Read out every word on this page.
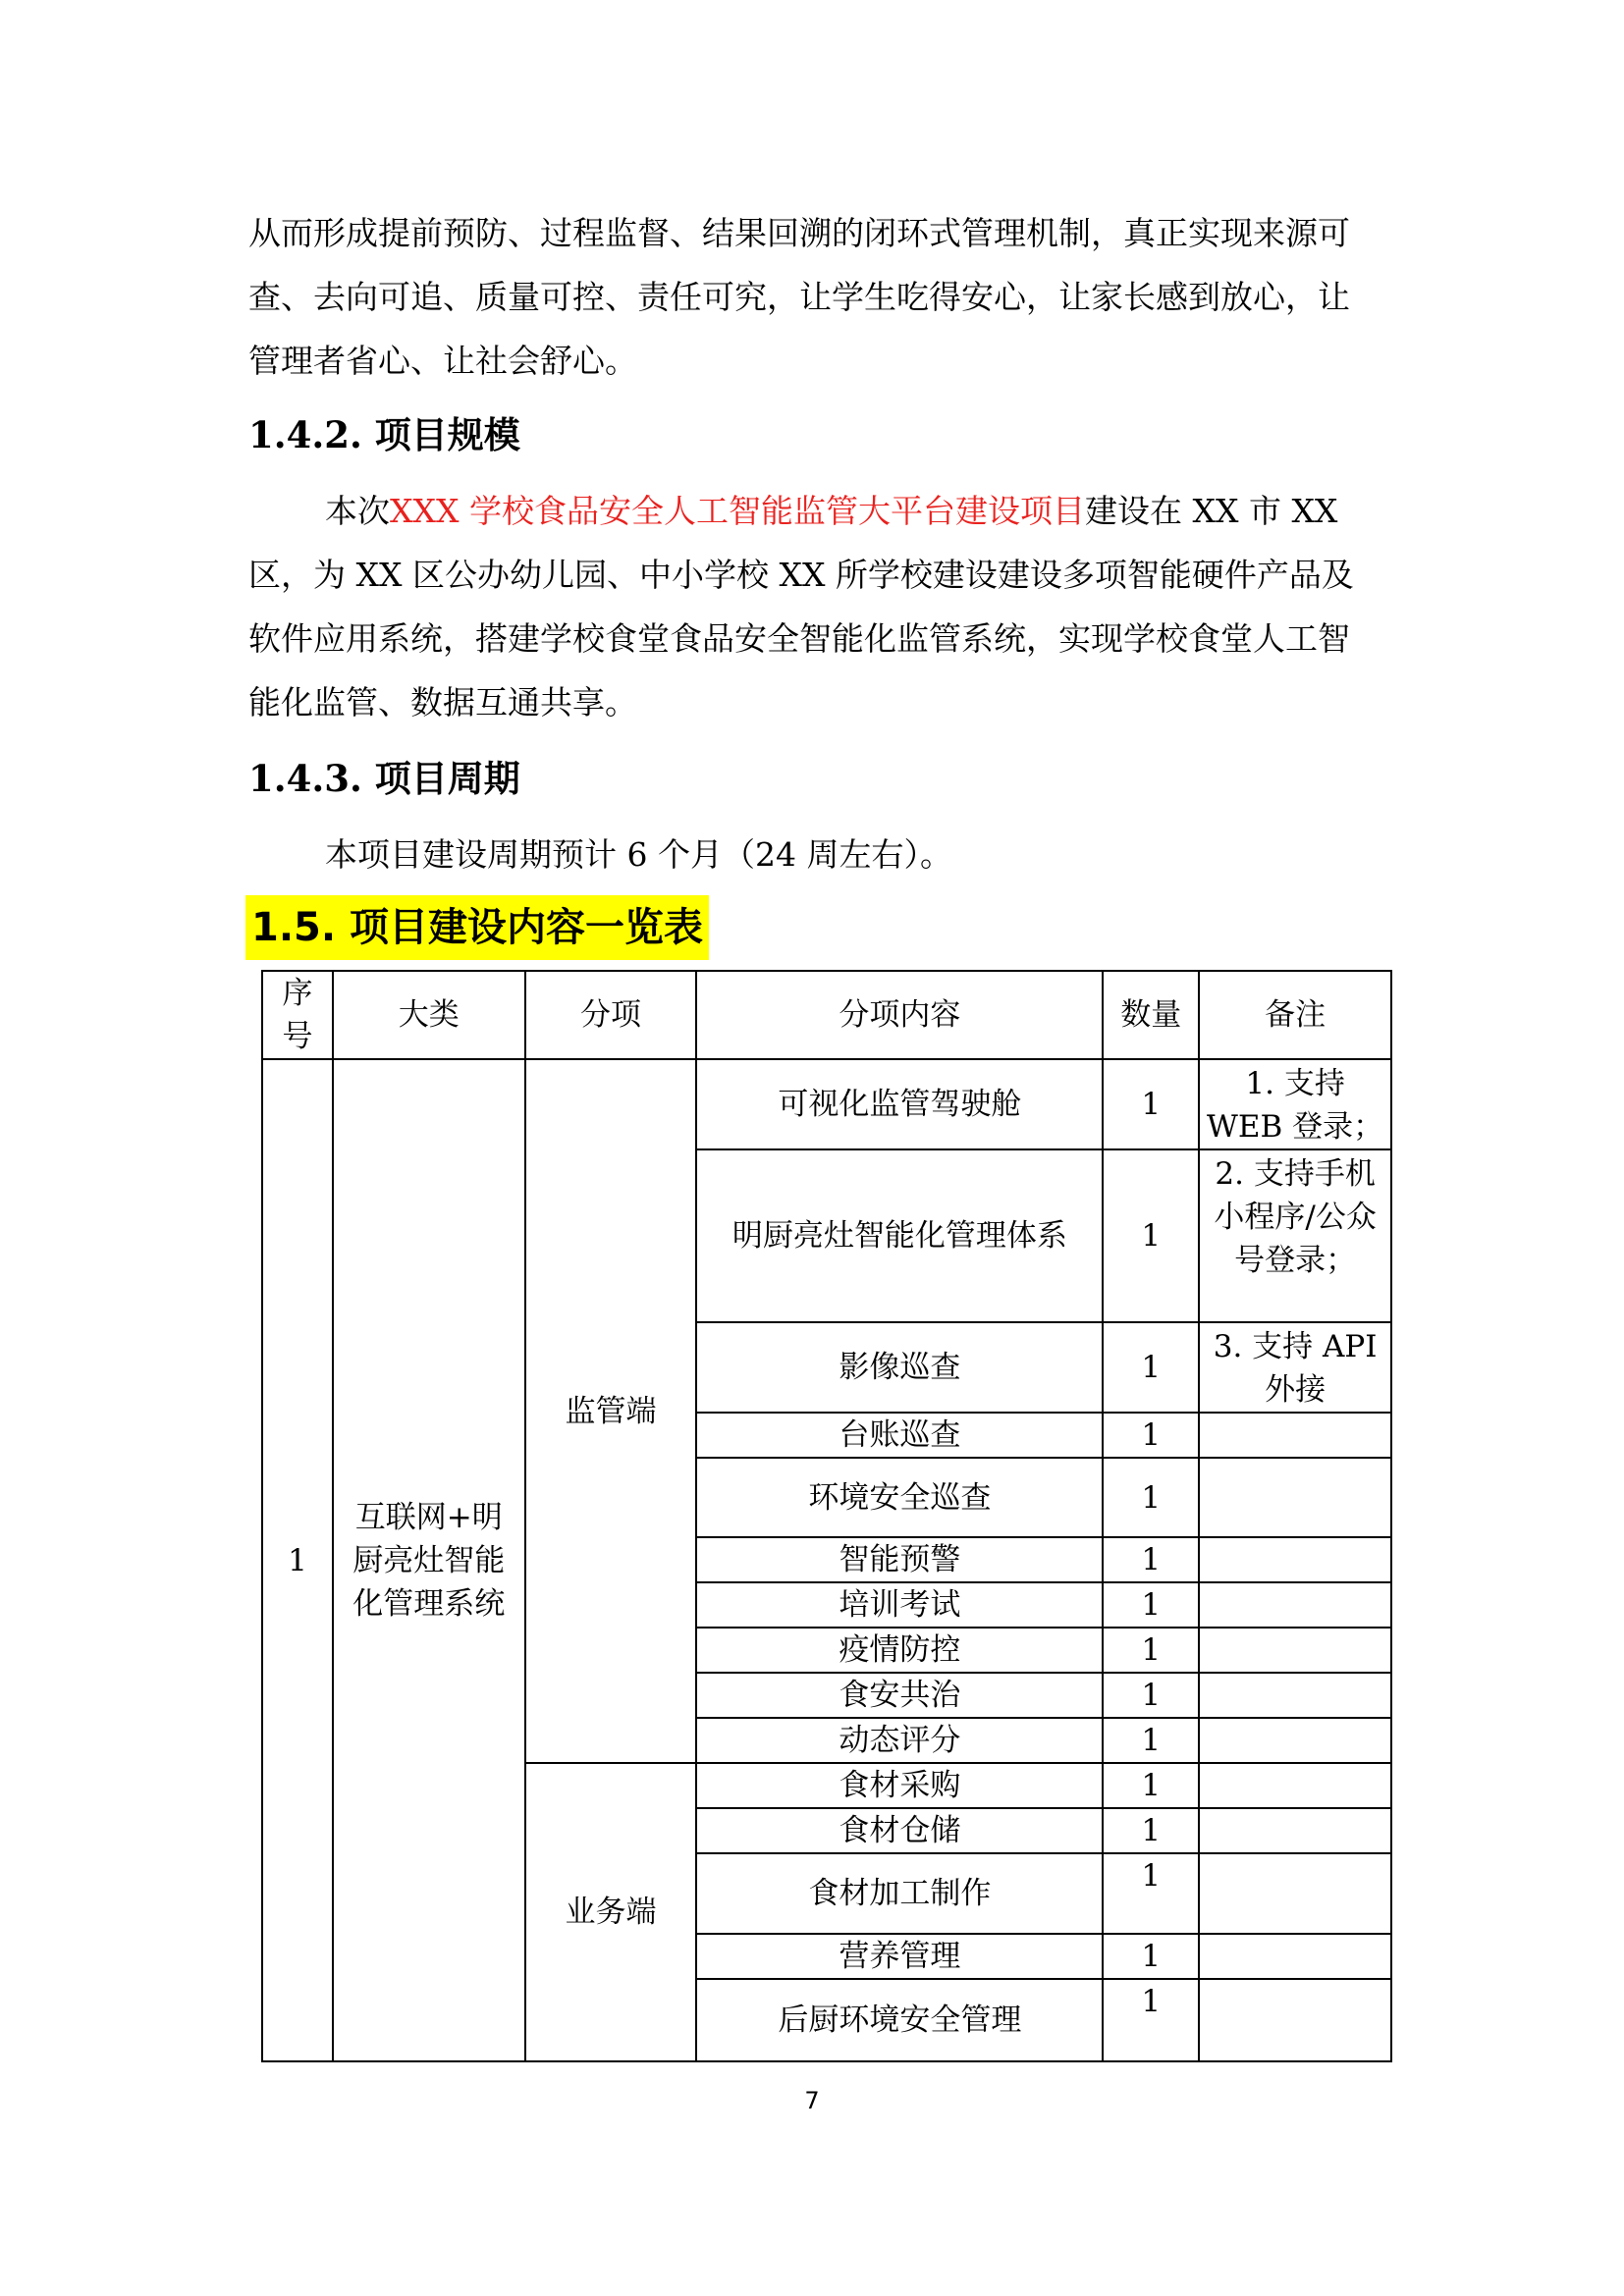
从而形成提前预防、过程监督、结果回溯的闭环式管理机制，真正实现来源可

查、去向可追、质量可控、责任可究，让学生吃得安心，让家长感到放心，让

管理者省心、让社会舒心。

1.4.2. 项目规模

本次XXX 学校食品安全人工智能监管大平台建设项目建设在 XX 市 XX 区，为 XX 区公办幼儿园、中小学校 XX 所学校建设建设多项智能硬件产品及软件应用系统，搭建学校食堂食品安全智能化监管系统，实现学校食堂人工智能化监管、数据互通共享。

1.4.3. 项目周期

本项目建设周期预计 6 个月（24 周左右）。

1.5. 项目建设内容一览表
序号	大类	分项	分项内容	数量	备注
1	互联网+明厨亮灶智能化管理系统	监管端	可视化监管驾驶舱	1	1. 支持 WEB 登录；
			明厨亮灶智能化管理体系	1	2. 支持手机小程序/公众号登录；
			影像巡查	1	3. 支持 API 外接
			台账巡查	1	
			环境安全巡查	1	
			智能预警	1	
			培训考试	1	
			疫情防控	1	
			食安共治	1	
			动态评分	1	
		业务端	食材采购	1	
			食材仓储	1	
			食材加工制作	1	
			营养管理	1	
			后厨环境安全管理	1	
7
